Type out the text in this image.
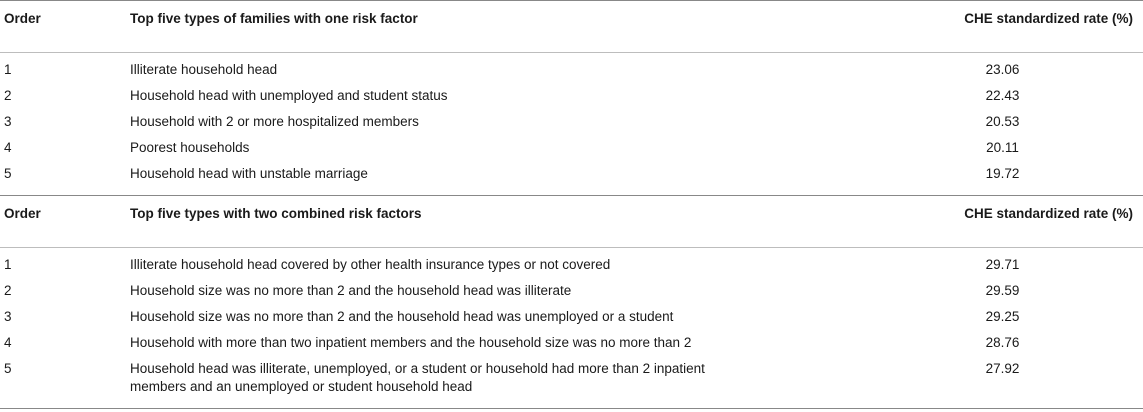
Order	Top five types of families with one risk factor	CHE standardized rate (%)
1	Illiterate household head	23.06
2	Household head with unemployed and student status	22.43
3	Household with 2 or more hospitalized members	20.53
4	Poorest households	20.11
5	Household head with unstable marriage	19.72
Order	Top five types with two combined risk factors	CHE standardized rate (%)
1	Illiterate household head covered by other health insurance types or not covered	29.71
2	Household size was no more than 2 and the household head was illiterate	29.59
3	Household size was no more than 2 and the household head was unemployed or a student	29.25
4	Household with more than two inpatient members and the household size was no more than 2	28.76
5	Household head was illiterate, unemployed, or a student or household had more than 2 inpatient
members and an unemployed or student household head	27.92
